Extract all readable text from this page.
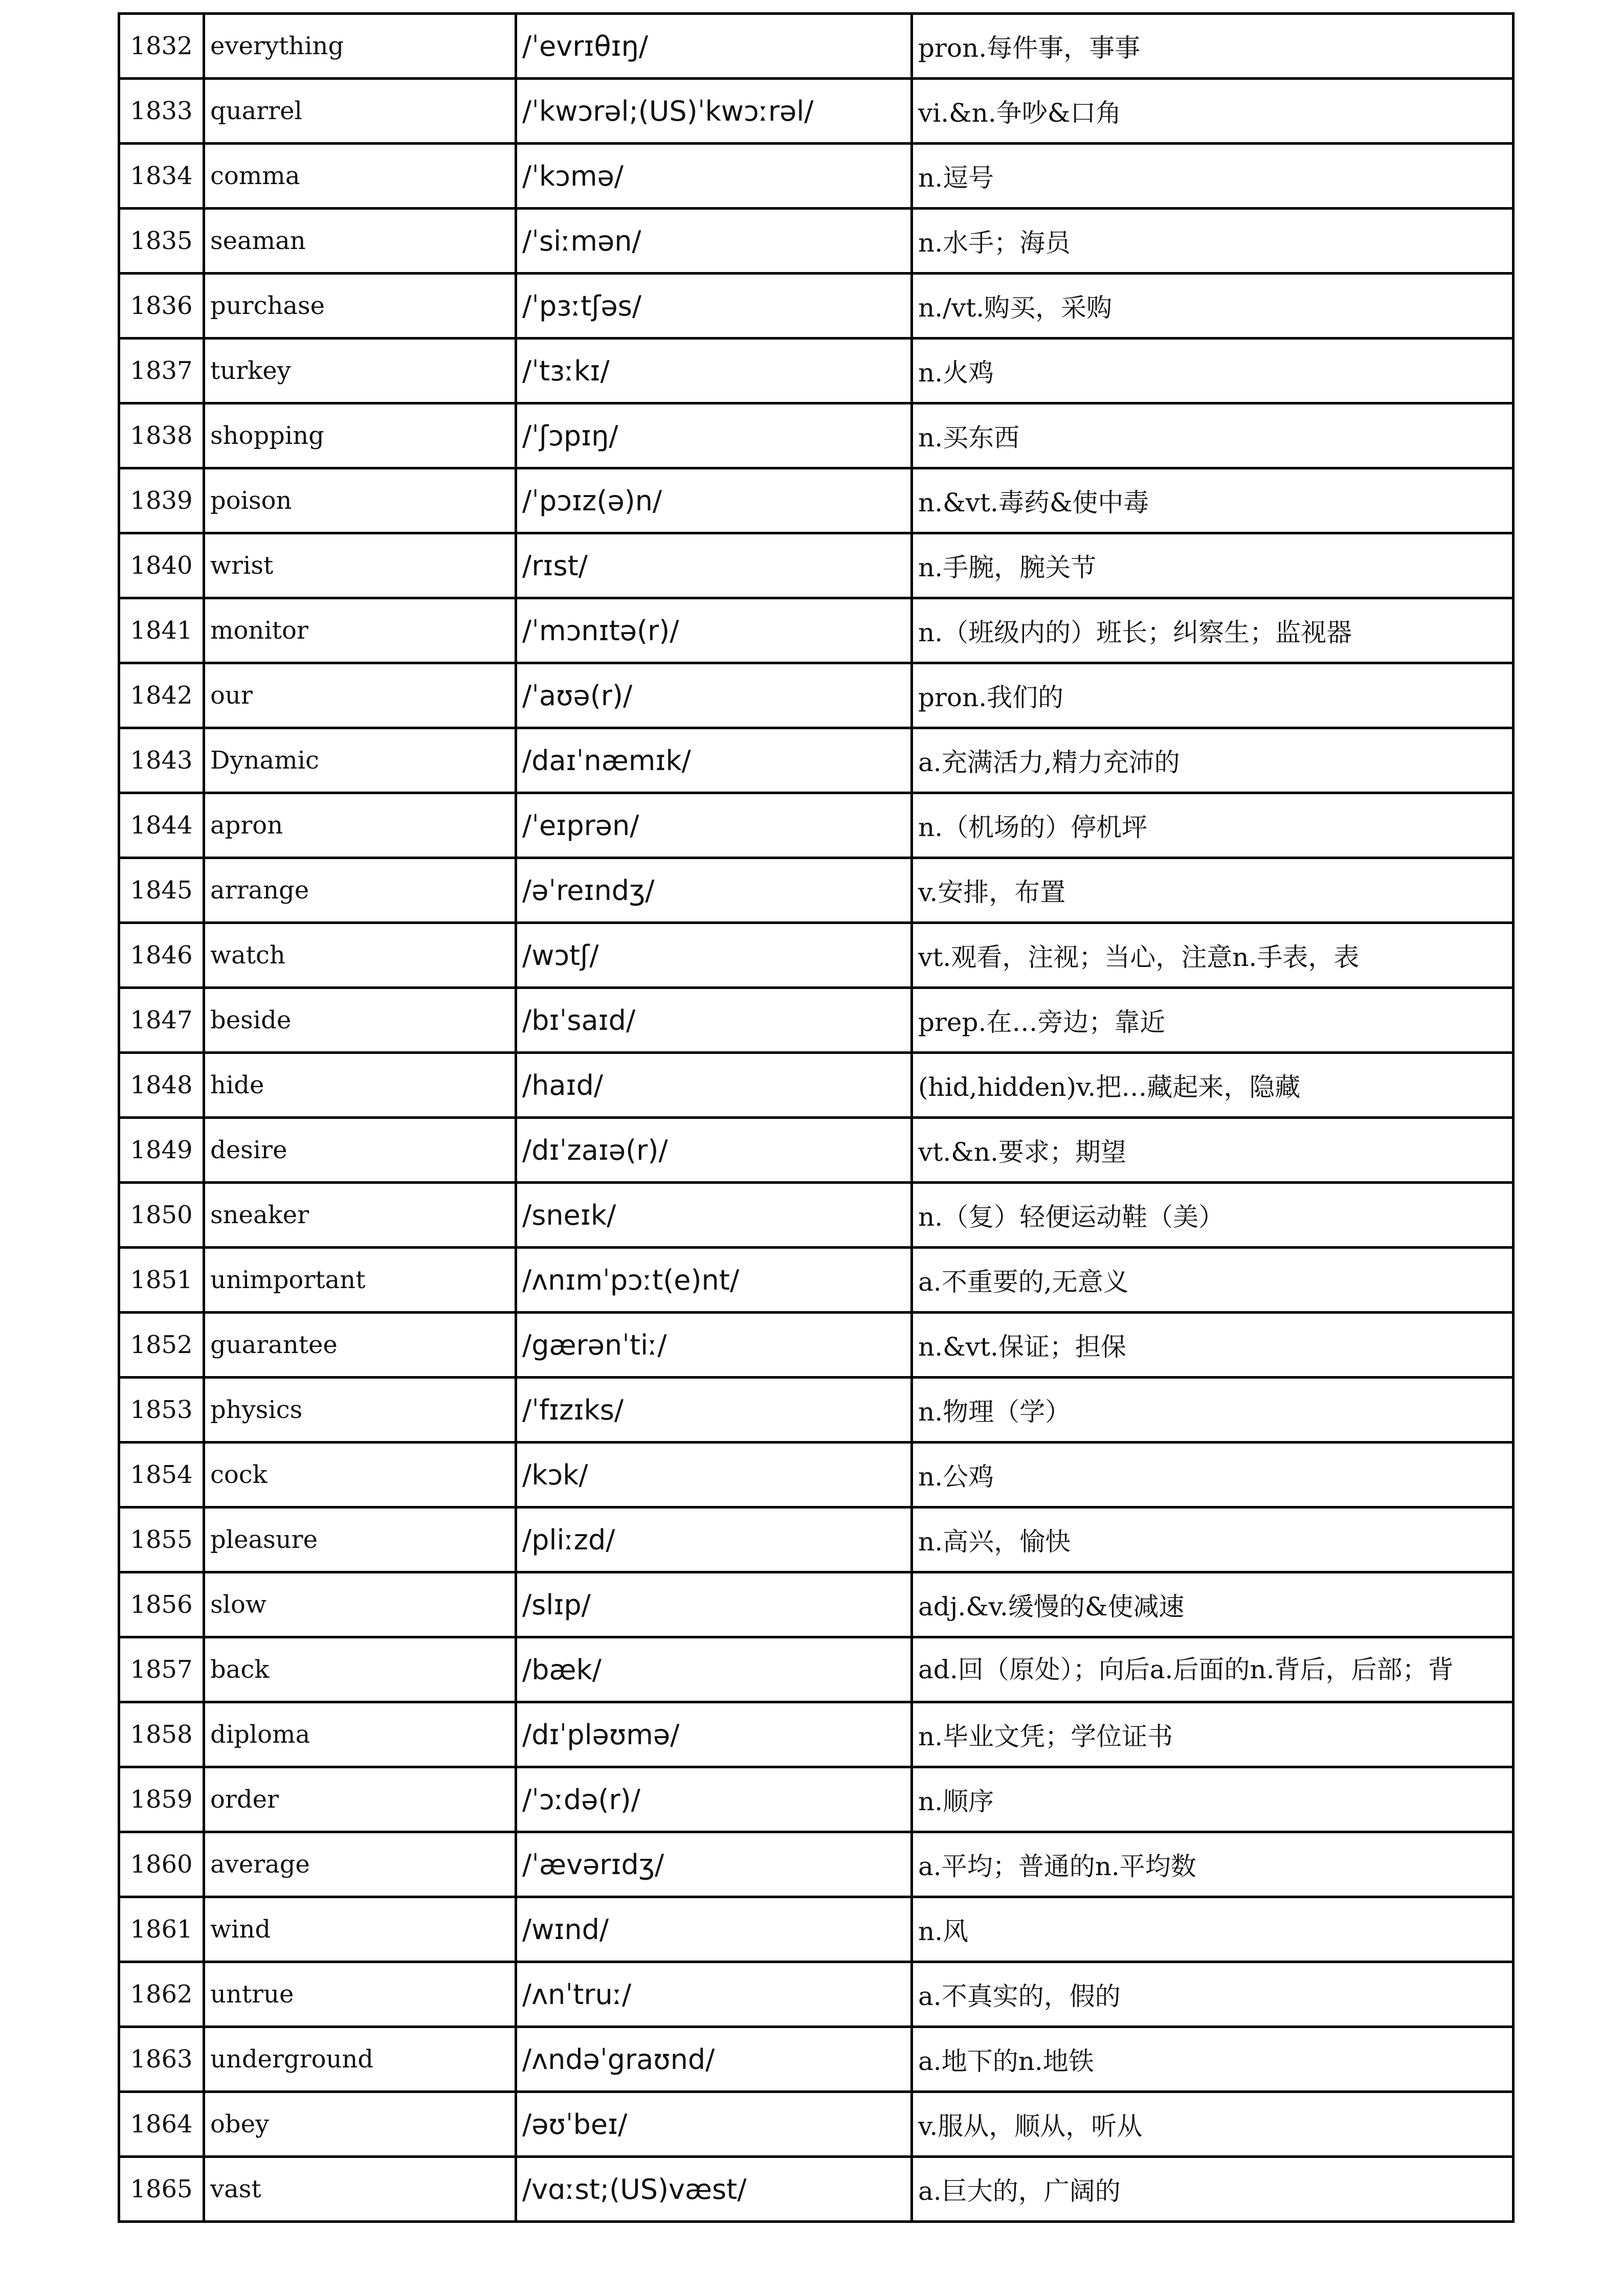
1832	everything	/ˈevrɪθɪŋ/	pron.每件事，事事
1833	quarrel	/ˈkwɔrəl;(US)ˈkwɔːrəl/	vi.&n.争吵&口角
1834	comma	/ˈkɔmə/	n.逗号
1835	seaman	/ˈsiːmən/	n.水手；海员
1836	purchase	/ˈpɜːtʃəs/	n./vt.购买，采购
1837	turkey	/ˈtɜːkɪ/	n.火鸡
1838	shopping	/ˈʃɔpɪŋ/	n.买东西
1839	poison	/ˈpɔɪz(ə)n/	n.&vt.毒药&使中毒
1840	wrist	/rɪst/	n.手腕，腕关节
1841	monitor	/ˈmɔnɪtə(r)/	n.（班级内的）班长；纠察生；监视器
1842	our	/ˈaʊə(r)/	pron.我们的
1843	Dynamic	/daɪˈnæmɪk/	a.充满活力,精力充沛的
1844	apron	/ˈeɪprən/	n.（机场的）停机坪
1845	arrange	/əˈreɪndʒ/	v.安排，布置
1846	watch	/wɔtʃ/	vt.观看，注视；当心，注意n.手表，表
1847	beside	/bɪˈsaɪd/	prep.在…旁边；靠近
1848	hide	/haɪd/	(hid,hidden)v.把…藏起来，隐藏
1849	desire	/dɪˈzaɪə(r)/	vt.&n.要求；期望
1850	sneaker	/sneɪk/	n.（复）轻便运动鞋（美）
1851	unimportant	/ʌnɪmˈpɔːt(e)nt/	a.不重要的,无意义
1852	guarantee	/gærənˈtiː/	n.&vt.保证；担保
1853	physics	/ˈfɪzɪks/	n.物理（学）
1854	cock	/kɔk/	n.公鸡
1855	pleasure	/pliːzd/	n.高兴，愉快
1856	slow	/slɪp/	adj.&v.缓慢的&使减速
1857	back	/bæk/	ad.回（原处）；向后a.后面的n.背后，后部；背
1858	diploma	/dɪˈpləʊmə/	n.毕业文凭；学位证书
1859	order	/ˈɔːdə(r)/	n.顺序
1860	average	/ˈævərɪdʒ/	a.平均；普通的n.平均数
1861	wind	/wɪnd/	n.风
1862	untrue	/ʌnˈtruː/	a.不真实的，假的
1863	underground	/ʌndəˈgraʊnd/	a.地下的n.地铁
1864	obey	/əʊˈbeɪ/	v.服从，顺从，听从
1865	vast	/vɑːst;(US)væst/	a.巨大的，广阔的
